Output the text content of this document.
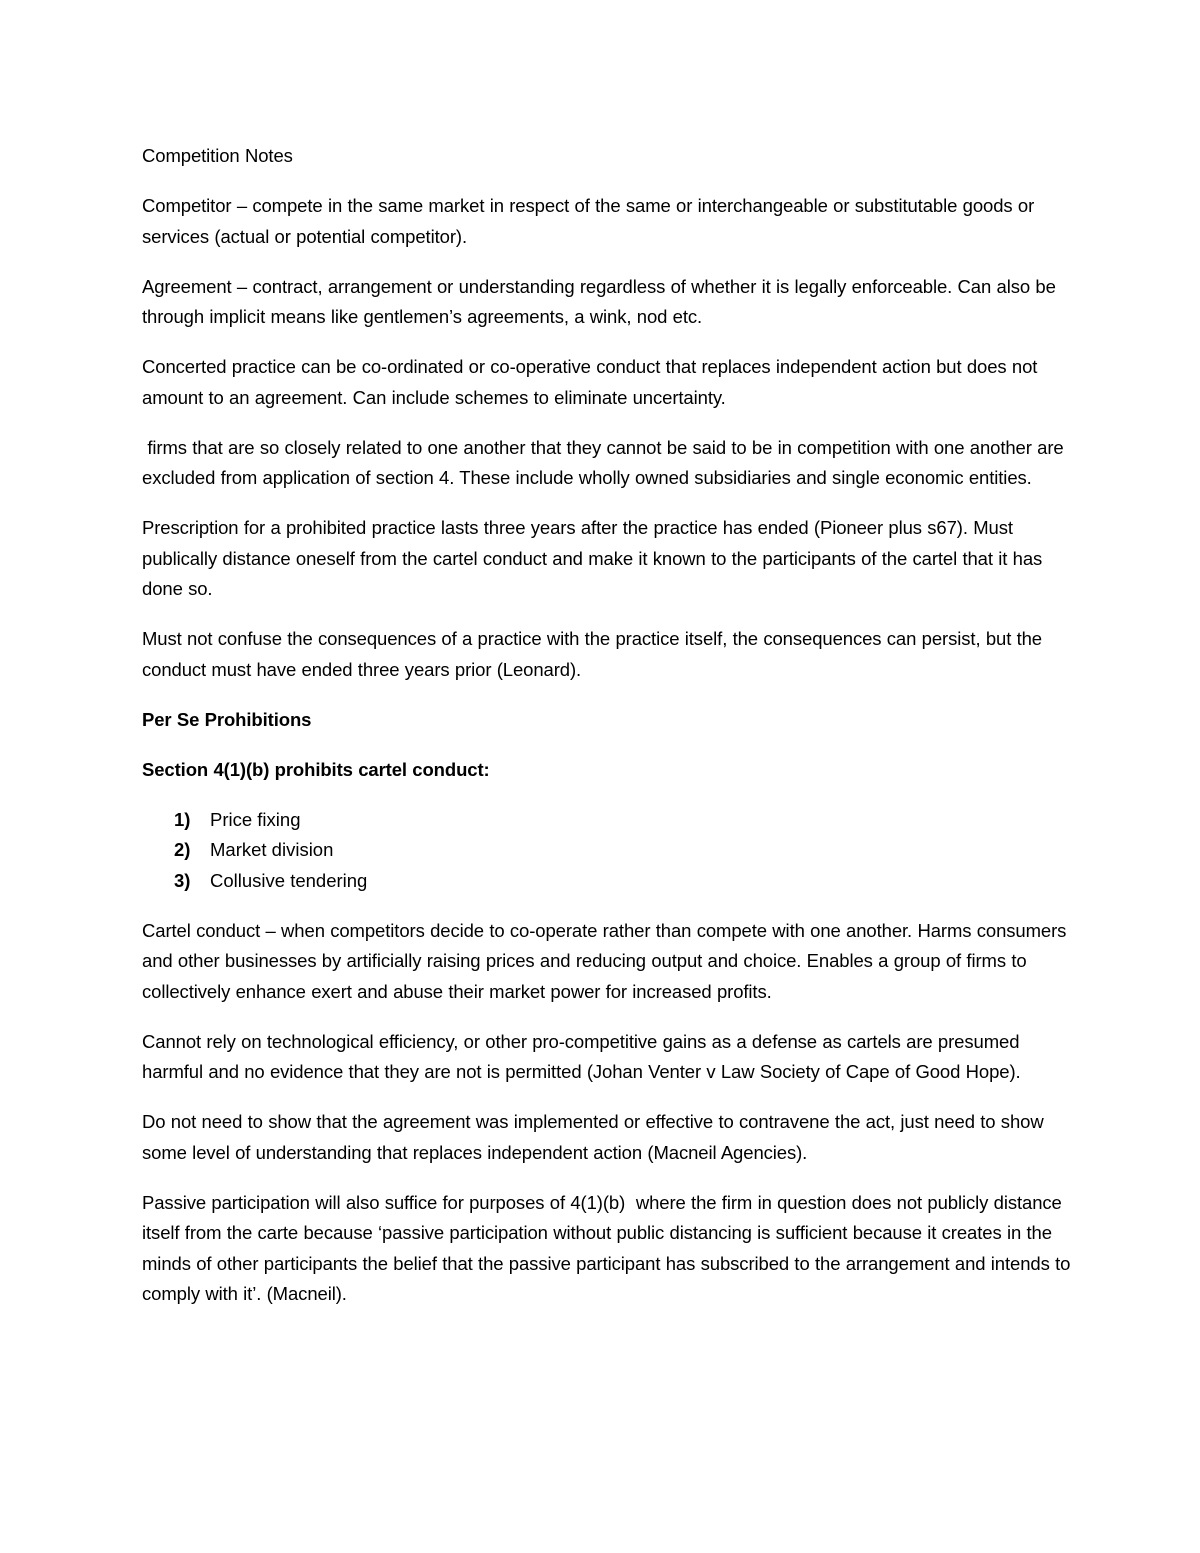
Competition Notes

Competitor – compete in the same market in respect of the same or interchangeable or substitutable goods or services (actual or potential competitor).

Agreement – contract, arrangement or understanding regardless of whether it is legally enforceable. Can also be through implicit means like gentlemen’s agreements, a wink, nod etc.

Concerted practice can be co-ordinated or co-operative conduct that replaces independent action but does not amount to an agreement. Can include schemes to eliminate uncertainty.

firms that are so closely related to one another that they cannot be said to be in competition with one another are excluded from application of section 4. These include wholly owned subsidiaries and single economic entities.

Prescription for a prohibited practice lasts three years after the practice has ended (Pioneer plus s67). Must publically distance oneself from the cartel conduct and make it known to the participants of the cartel that it has done so.

Must not confuse the consequences of a practice with the practice itself, the consequences can persist, but the conduct must have ended three years prior (Leonard).

Per Se Prohibitions

Section 4(1)(b) prohibits cartel conduct:

1)	Price fixing
2)	Market division
3)	Collusive tendering

Cartel conduct – when competitors decide to co-operate rather than compete with one another. Harms consumers and other businesses by artificially raising prices and reducing output and choice. Enables a group of firms to collectively enhance exert and abuse their market power for increased profits.

Cannot rely on technological efficiency, or other pro-competitive gains as a defense as cartels are presumed harmful and no evidence that they are not is permitted (Johan Venter v Law Society of Cape of Good Hope).

Do not need to show that the agreement was implemented or effective to contravene the act, just need to show some level of understanding that replaces independent action (Macneil Agencies).

Passive participation will also suffice for purposes of 4(1)(b)  where the firm in question does not publicly distance itself from the carte because ‘passive participation without public distancing is sufficient because it creates in the minds of other participants the belief that the passive participant has subscribed to the arrangement and intends to comply with it’. (Macneil).
